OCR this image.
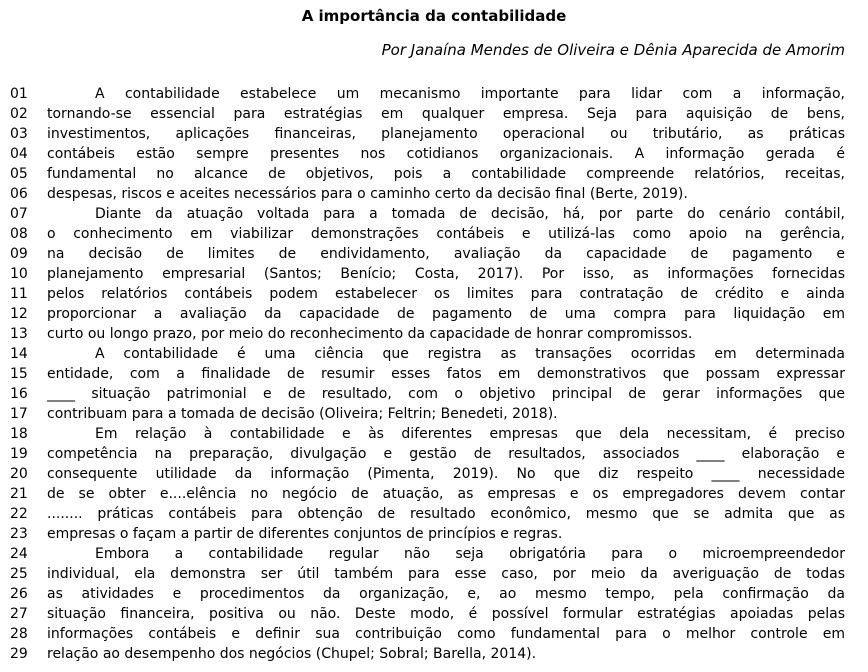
A importância da contabilidade
Por Janaína Mendes de Oliveira e Dênia Aparecida de Amorim
01	A contabilidade estabelece um mecanismo importante para lidar com a informação,
02	tornando-se essencial para estratégias em qualquer empresa. Seja para aquisição de bens,
03	investimentos, aplicações financeiras, planejamento operacional ou tributário, as práticas
04	contábeis estão sempre presentes nos cotidianos organizacionais. A informação gerada é
05	fundamental no alcance de objetivos, pois a contabilidade compreende relatórios, receitas,
06	despesas, riscos e aceites necessários para o caminho certo da decisão final (Berte, 2019).
07	Diante da atuação voltada para a tomada de decisão, há, por parte do cenário contábil,
08	o conhecimento em viabilizar demonstrações contábeis e utilizá-las como apoio na gerência,
09	na decisão de limites de endividamento, avaliação da capacidade de pagamento e
10	planejamento empresarial (Santos; Benício; Costa, 2017). Por isso, as informações fornecidas
11	pelos relatórios contábeis podem estabelecer os limites para contratação de crédito e ainda
12	proporcionar a avaliação da capacidade de pagamento de uma compra para liquidação em
13	curto ou longo prazo, por meio do reconhecimento da capacidade de honrar compromissos.
14	A contabilidade é uma ciência que registra as transações ocorridas em determinada
15	entidade, com a finalidade de resumir esses fatos em demonstrativos que possam expressar
16	____ situação patrimonial e de resultado, com o objetivo principal de gerar informações que
17	contribuam para a tomada de decisão (Oliveira; Feltrin; Benedeti, 2018).
18	Em relação à contabilidade e às diferentes empresas que dela necessitam, é preciso
19	competência na preparação, divulgação e gestão de resultados, associados ____ elaboração e
20	consequente utilidade da informação (Pimenta, 2019). No que diz respeito ____ necessidade
21	de se obter e....elência no negócio de atuação, as empresas e os empregadores devem contar
22	........ práticas contábeis para obtenção de resultado econômico, mesmo que se admita que as
23	empresas o façam a partir de diferentes conjuntos de princípios e regras.
24	Embora a contabilidade regular não seja obrigatória para o microempreendedor
25	individual, ela demonstra ser útil também para esse caso, por meio da averiguação de todas
26	as atividades e procedimentos da organização, e, ao mesmo tempo, pela confirmação da
27	situação financeira, positiva ou não. Deste modo, é possível formular estratégias apoiadas pelas
28	informações contábeis e definir sua contribuição como fundamental para o melhor controle em
29	relação ao desempenho dos negócios (Chupel; Sobral; Barella, 2014).
